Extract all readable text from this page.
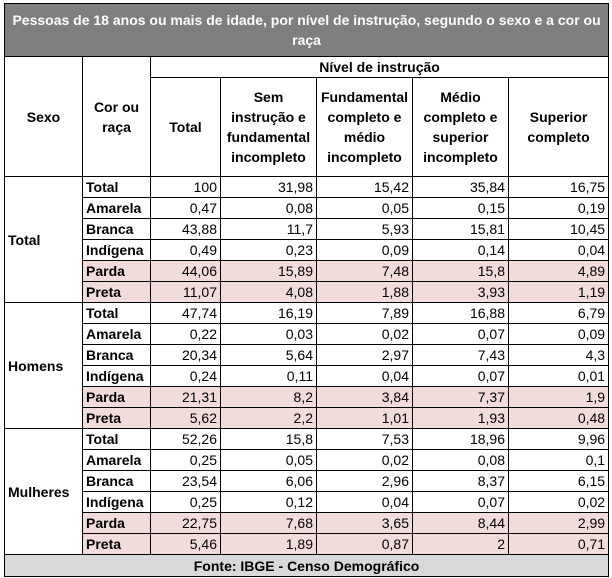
Pessoas de 18 anos ou mais de idade, por nível de instrução, segundo o sexo e a cor ou raça						
Sexo	Cor ou raça	Nível de instrução				
		Total	Sem instrução e fundamental incompleto	Fundamental completo e médio incompleto	Médio completo e superior incompleto	Superior completo
Total	Total	100	31,98	15,42	35,84	16,75
	Amarela	0,47	0,08	0,05	0,15	0,19
	Branca	43,88	11,7	5,93	15,81	10,45
	Indígena	0,49	0,23	0,09	0,14	0,04
	Parda	44,06	15,89	7,48	15,8	4,89
	Preta	11,07	4,08	1,88	3,93	1,19
Homens	Total	47,74	16,19	7,89	16,88	6,79
	Amarela	0,22	0,03	0,02	0,07	0,09
	Branca	20,34	5,64	2,97	7,43	4,3
	Indígena	0,24	0,11	0,04	0,07	0,01
	Parda	21,31	8,2	3,84	7,37	1,9
	Preta	5,62	2,2	1,01	1,93	0,48
Mulheres	Total	52,26	15,8	7,53	18,96	9,96
	Amarela	0,25	0,05	0,02	0,08	0,1
	Branca	23,54	6,06	2,96	8,37	6,15
	Indígena	0,25	0,12	0,04	0,07	0,02
	Parda	22,75	7,68	3,65	8,44	2,99
	Preta	5,46	1,89	0,87	2	0,71
Fonte: IBGE - Censo Demográfico						
